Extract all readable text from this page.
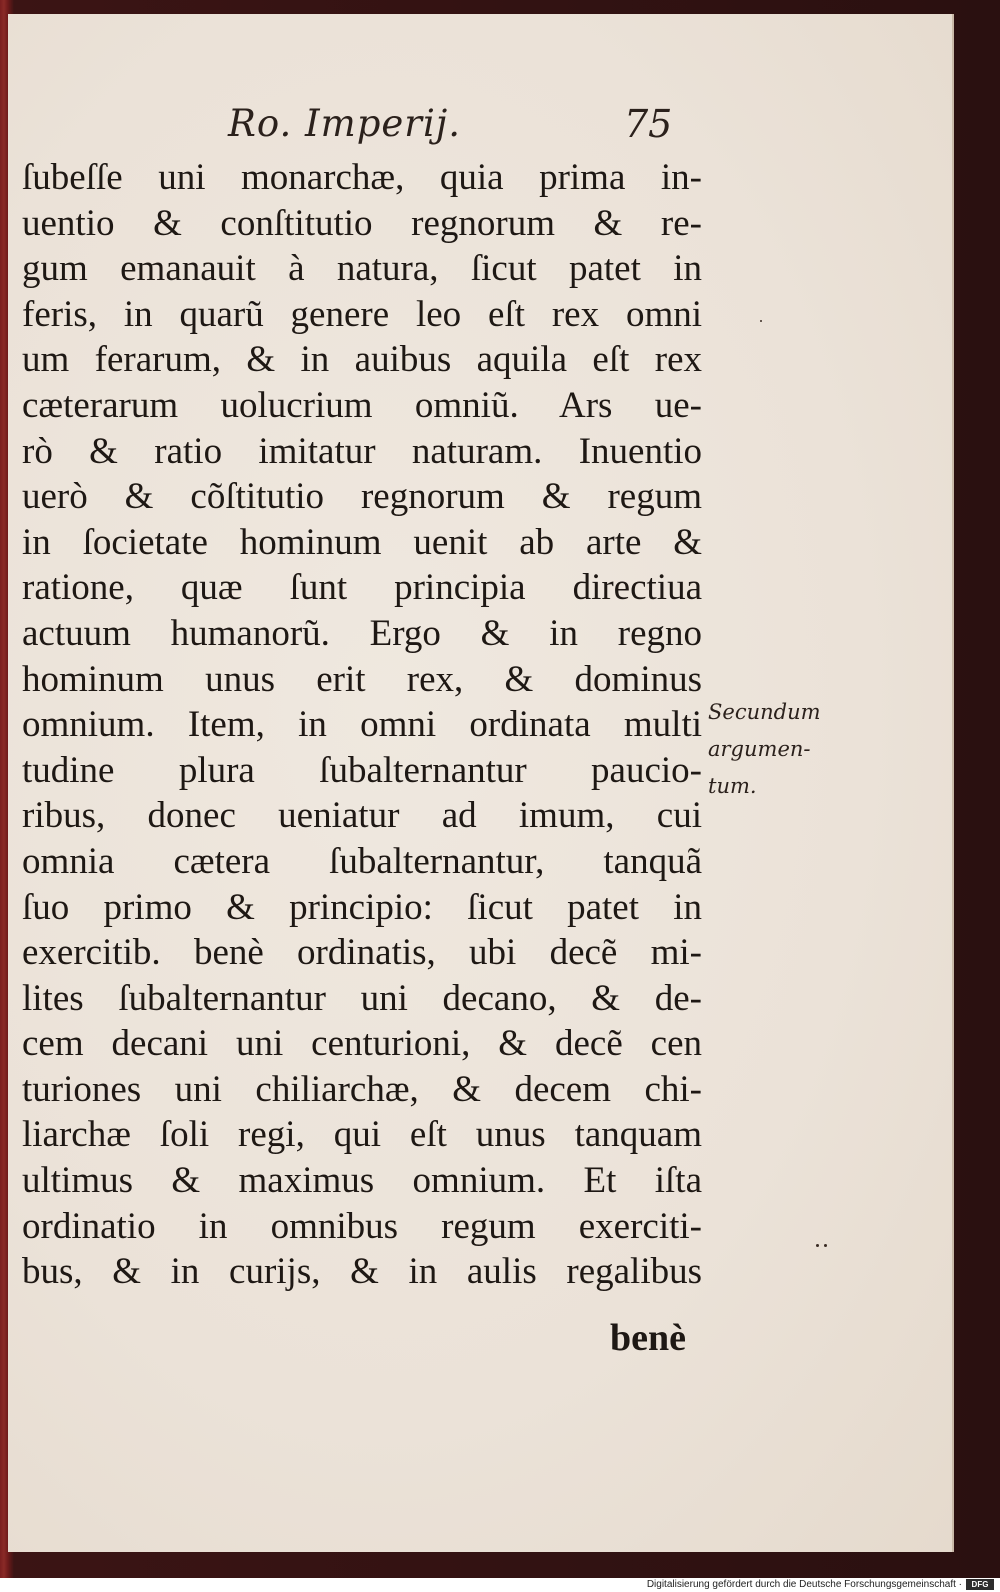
Ro. Imperij.	75
ſubeſſe uni monarchæ, quia prima in-
uentio & conſtitutio regnorum & re-
gum emanauit à natura, ſicut patet in
feris, in quarũ genere leo eſt rex omni
um ferarum, & in auibus aquila eſt rex
cæterarum uolucrium omniũ. Ars ue-
rò & ratio imitatur naturam. Inuentio
uerò & cõſtitutio regnorum & regum
in ſocietate hominum uenit ab arte &
ratione, quæ ſunt principia directiua
actuum humanorũ. Ergo & in regno
hominum unus erit rex, & dominus
omnium. Item, in omni ordinata multi
tudine plura ſubalternantur paucio-
ribus, donec ueniatur ad imum, cui
omnia cætera ſubalternantur, tanquã
ſuo primo & principio: ſicut patet in
exercitib. benè ordinatis, ubi decẽ mi-
lites ſubalternantur uni decano, & de-
cem decani uni centurioni, & decẽ cen
turiones uni chiliarchæ, & decem chi-
liarchæ ſoli regi, qui eſt unus tanquam
ultimus & maximus omnium. Et iſta
ordinatio in omnibus regum exerciti-
bus, & in curijs, & in aulis regalibus
benè
Secundum
argumen-
tum.
Digitalisierung gefördert durch die Deutsche Forschungsgemeinschaft ·	DFG
